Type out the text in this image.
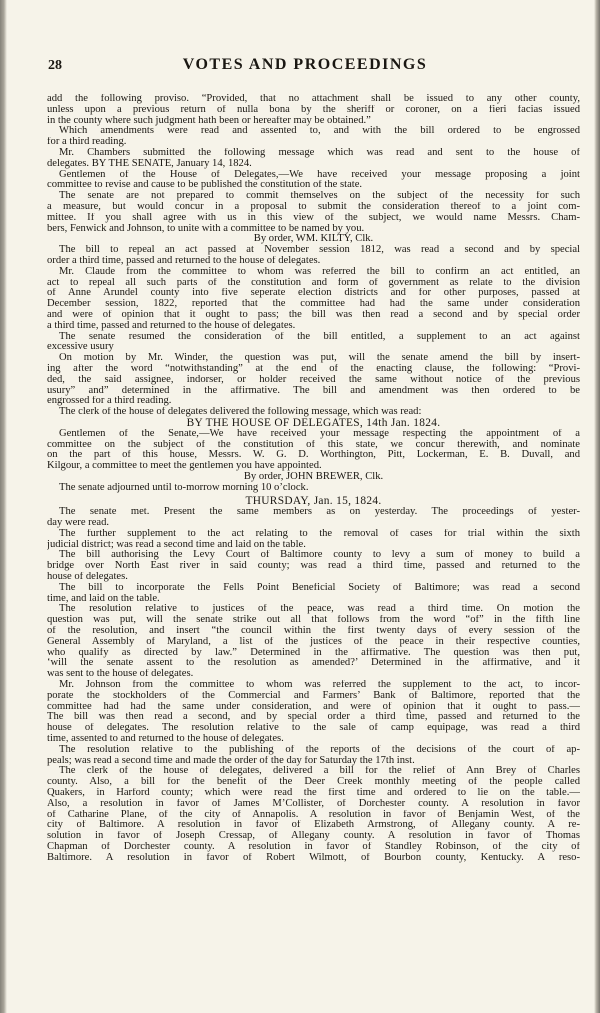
28	VOTES AND PROCEEDINGS
add the following proviso. “Provided, that no attachment shall be issued to any other county,
unless upon a previous return of nulla bona by the sheriff or coroner, on a fieri facias issued
in the county where such judgment hath been or hereafter may be obtained.”
Which amendments were read and assented to, and with the bill ordered to be engrossed
for a third reading.
Mr. Chambers submitted the following message which was read and sent to the house of
delegates. BY THE SENATE, January 14, 1824.
Gentlemen of the House of Delegates,—We have received your message proposing a joint
committee to revise and cause to be published the constitution of the state.
The senate are not prepared to commit themselves on the subject of the necessity for such
a measure, but would concur in a proposal to submit the consideration thereof to a joint com-
mittee. If you shall agree with us in this view of the subject, we would name Messrs. Cham-
bers, Fenwick and Johnson, to unite with a committee to be named by you.
By order, WM. KILTY, Clk.
The bill to repeal an act passed at November session 1812, was read a second and by special
order a third time, passed and returned to the house of delegates.
Mr. Claude from the committee to whom was referred the bill to confirm an act entitled, an
act to repeal all such parts of the constitution and form of government as relate to the division
of Anne Arundel county into five seperate election districts and for other purposes, passed at
December session, 1822, reported that the committee had had the same under consideration
and were of opinion that it ought to pass; the bill was then read a second and by special order
a third time, passed and returned to the house of delegates.
The senate resumed the consideration of the bill entitled, a supplement to an act against
excessive usury
On motion by Mr. Winder, the question was put, will the senate amend the bill by insert-
ing after the word “notwithstanding” at the end of the enacting clause, the following: “Provi-
ded, the said assignee, indorser, or holder received the same without notice of the previous
usury” and” determined in the affirmative. The bill and amendment was then ordered to be
engrossed for a third reading.
The clerk of the house of delegates delivered the following message, which was read:
BY THE HOUSE OF DELEGATES, 14th Jan. 1824.
Gentlemen of the Senate,—We have received your message respecting the appointment of a
committee on the subject of the constitution of this state, we concur therewith, and nominate
on the part of this house, Messrs. W. G. D. Worthington, Pitt, Lockerman, E. B. Duvall, and
Kilgour, a committee to meet the gentlemen you have appointed.
By order, JOHN BREWER, Clk.
The senate adjourned until to-morrow morning 10 o’clock.
THURSDAY, Jan. 15, 1824.
The senate met. Present the same members as on yesterday. The proceedings of yester-
day were read.
The further supplement to the act relating to the removal of cases for trial within the sixth
judicial district; was read a second time and laid on the table.
The bill authorising the Levy Court of Baltimore county to levy a sum of money to build a
bridge over North East river in said county; was read a third time, passed and returned to the
house of delegates.
The bill to incorporate the Fells Point Beneficial Society of Baltimore; was read a second
time, and laid on the table.
The resolution relative to justices of the peace, was read a third time. On motion the
question was put, will the senate strike out all that follows from the word “of” in the fifth line
of the resolution, and insert “the council within the first twenty days of every session of the
General Assembly of Maryland, a list of the justices of the peace in their respective counties,
who qualify as directed by law.” Determined in the affirmative. The question was then put,
‘will the senate assent to the resolution as amended?’ Determined in the affirmative, and it
was sent to the house of delegates.
Mr. Johnson from the committee to whom was referred the supplement to the act, to incor-
porate the stockholders of the Commercial and Farmers’ Bank of Baltimore, reported that the
committee had had the same under consideration, and were of opinion that it ought to pass.—
The bill was then read a second, and by special order a third time, passed and returned to the
house of delegates. The resolution relative to the sale of camp equipage, was read a third
time, assented to and returned to the house of delegates.
The resolution relative to the publishing of the reports of the decisions of the court of ap-
peals; was read a second time and made the order of the day for Saturday the 17th inst.
The clerk of the house of delegates, delivered a bill for the relief of Ann Brey of Charles
county. Also, a bill for the benefit of the Deer Creek monthly meeting of the people called
Quakers, in Harford county; which were read the first time and ordered to lie on the table.—
Also, a resolution in favor of James M’Collister, of Dorchester county. A resolution in favor
of Catharine Plane, of the city of Annapolis. A resolution in favor of Benjamin West, of the
city of Baltimore. A resolution in favor of Elizabeth Armstrong, of Allegany county. A re-
solution in favor of Joseph Cressap, of Allegany county. A resolution in favor of Thomas
Chapman of Dorchester county. A resolution in favor of Standley Robinson, of the city of
Baltimore. A resolution in favor of Robert Wilmott, of Bourbon county, Kentucky. A reso-
